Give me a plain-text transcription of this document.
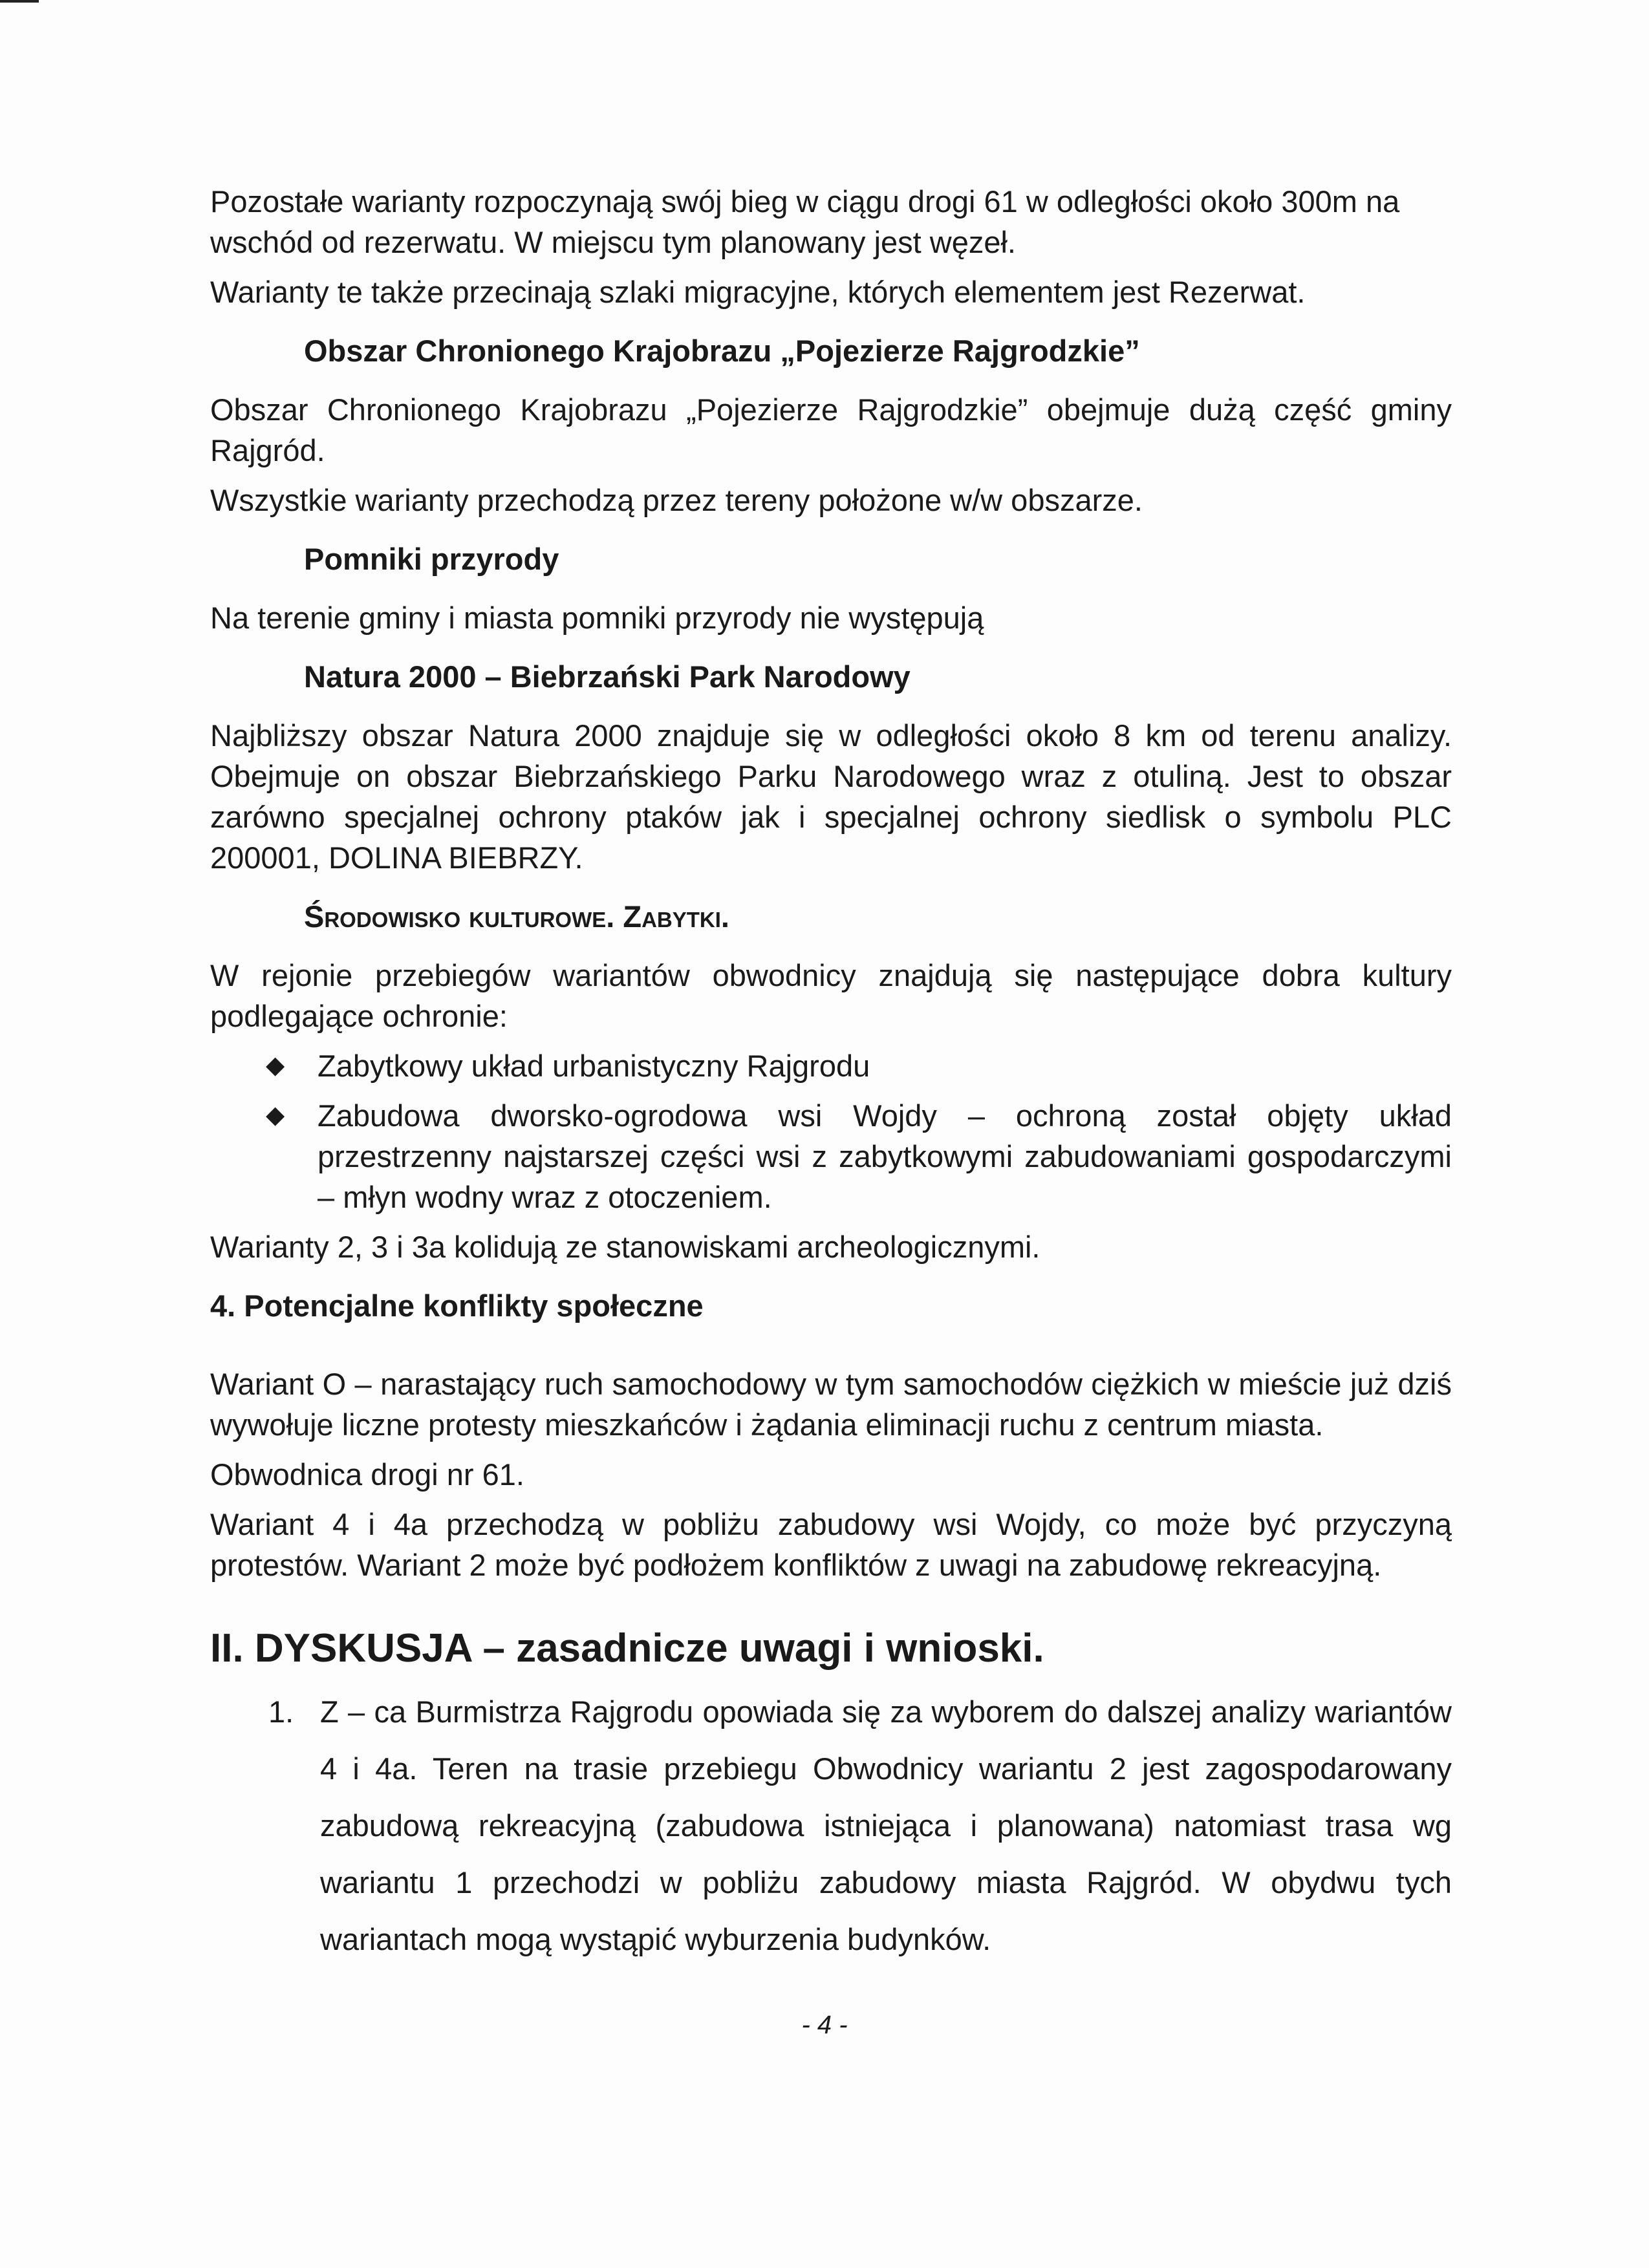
Pozostałe warianty rozpoczynają swój bieg w ciągu drogi 61 w odległości około 300m na wschód od rezerwatu. W miejscu tym planowany jest węzeł.

Warianty te także przecinają szlaki migracyjne, których elementem jest Rezerwat.

Obszar Chronionego Krajobrazu „Pojezierze Rajgrodzkie”

Obszar Chronionego Krajobrazu „Pojezierze Rajgrodzkie” obejmuje dużą część gminy Rajgród.

Wszystkie warianty przechodzą przez tereny położone w/w obszarze.

Pomniki przyrody

Na terenie gminy i miasta pomniki przyrody nie występują

Natura 2000 – Biebrzański Park Narodowy

Najbliższy obszar Natura 2000 znajduje się w odległości około 8 km od terenu analizy. Obejmuje on obszar Biebrzańskiego Parku Narodowego wraz z otuliną. Jest to obszar zarówno specjalnej ochrony ptaków jak i specjalnej ochrony siedlisk o symbolu PLC 200001, DOLINA BIEBRZY.

Środowisko kulturowe. Zabytki.

W rejonie przebiegów wariantów obwodnicy znajdują się następujące dobra kultury podlegające ochronie:

◆ Zabytkowy układ urbanistyczny Rajgrodu
◆ Zabudowa dworsko-ogrodowa wsi Wojdy – ochroną został objęty układ przestrzenny najstarszej części wsi z zabytkowymi zabudowaniami gospodarczymi – młyn wodny wraz z otoczeniem.

Warianty 2, 3 i 3a kolidują ze stanowiskami archeologicznymi.

4. Potencjalne konflikty społeczne

Wariant O – narastający ruch samochodowy w tym samochodów ciężkich w mieście już dziś wywołuje liczne protesty mieszkańców i żądania eliminacji ruchu z centrum miasta.

Obwodnica drogi nr 61.

Wariant 4 i 4a przechodzą w pobliżu zabudowy wsi Wojdy, co może być przyczyną protestów. Wariant 2 może być podłożem konfliktów z uwagi na zabudowę rekreacyjną.

II. DYSKUSJA – zasadnicze uwagi i wnioski.
1. Z – ca Burmistrza Rajgrodu opowiada się za wyborem do dalszej analizy wariantów 4 i 4a. Teren na trasie przebiegu Obwodnicy wariantu 2 jest zagospodarowany zabudową rekreacyjną (zabudowa istniejąca i planowana) natomiast trasa wg wariantu 1 przechodzi w pobliżu zabudowy miasta Rajgród. W obydwu tych wariantach mogą wystąpić wyburzenia budynków.
- 4 -
